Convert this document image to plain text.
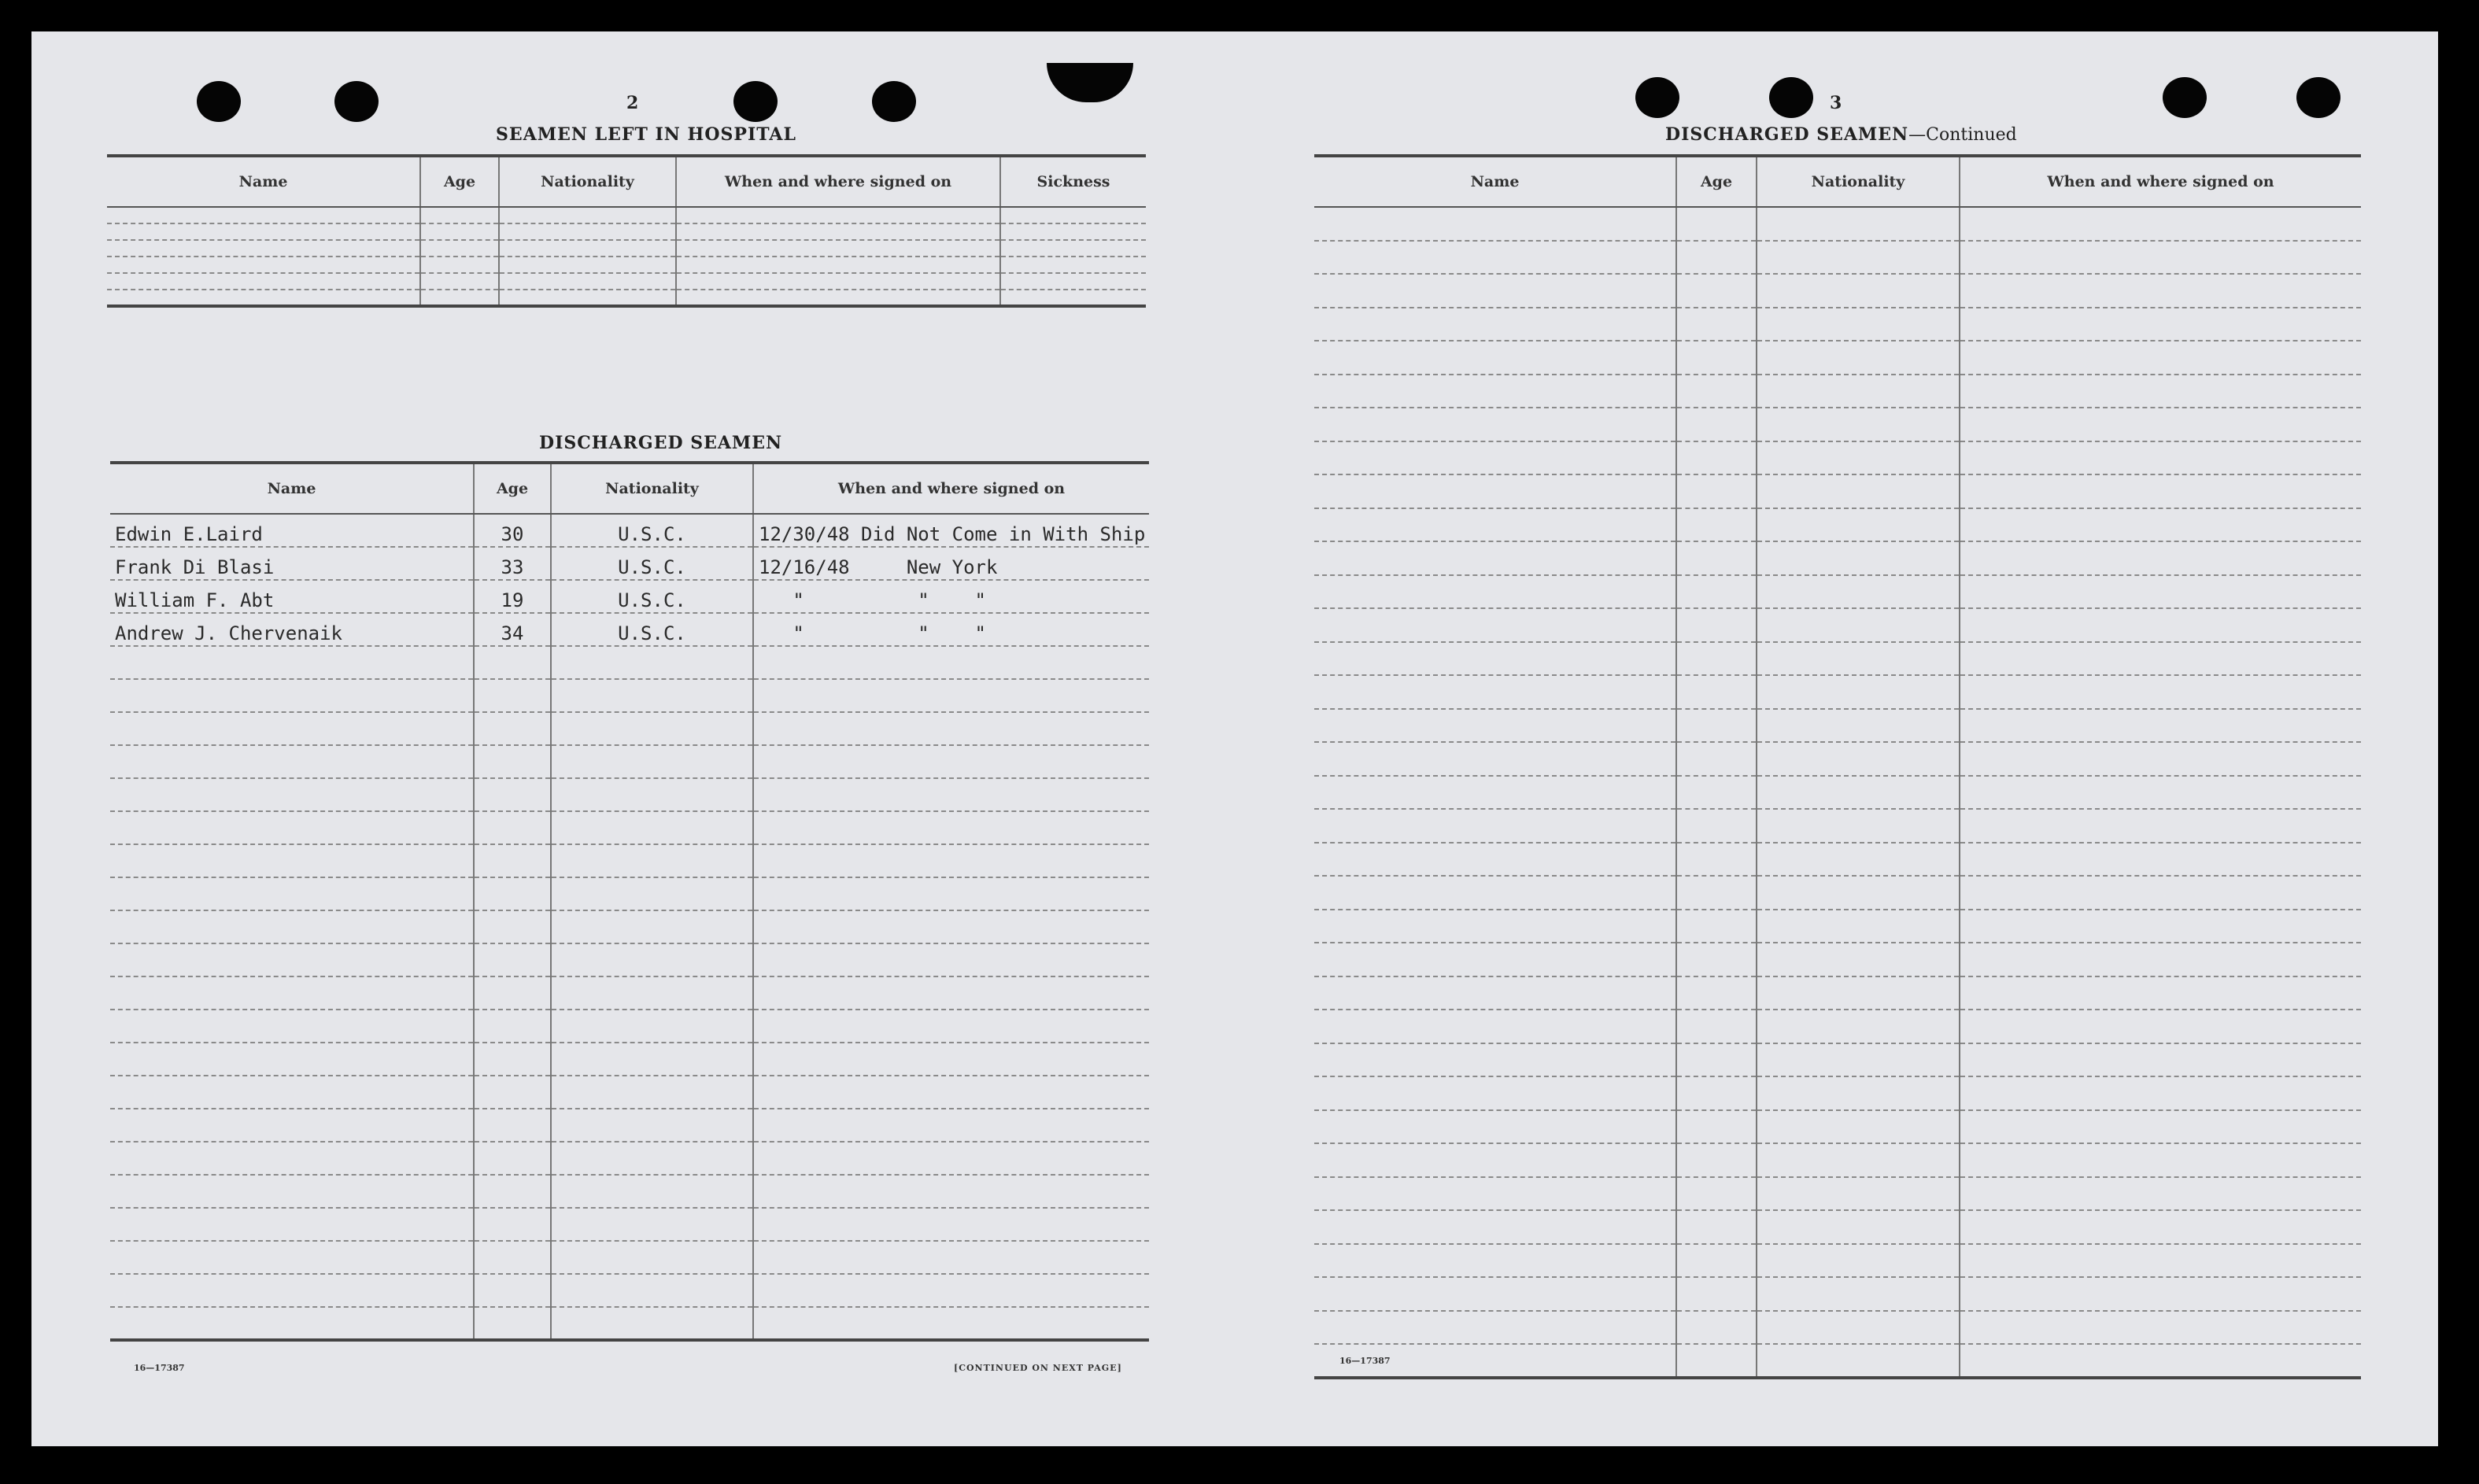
2
SEAMEN LEFT IN HOSPITAL
Name	Age	Nationality	When and where signed on	Sickness

DISCHARGED SEAMEN
Name	Age	Nationality	When and where signed on
Edwin E.Laird	30	U.S.C.	12/30/48 Did Not Come in With Ship
Frank Di Blasi	33	U.S.C.	12/16/48     New York
William F. Abt	19	U.S.C.	"          "    "
Andrew J. Chervenaik	34	U.S.C.	"          "    "

16—17387	[CONTINUED ON NEXT PAGE]
3
DISCHARGED SEAMEN—Continued
Name	Age	Nationality	When and where signed on

16—17387
